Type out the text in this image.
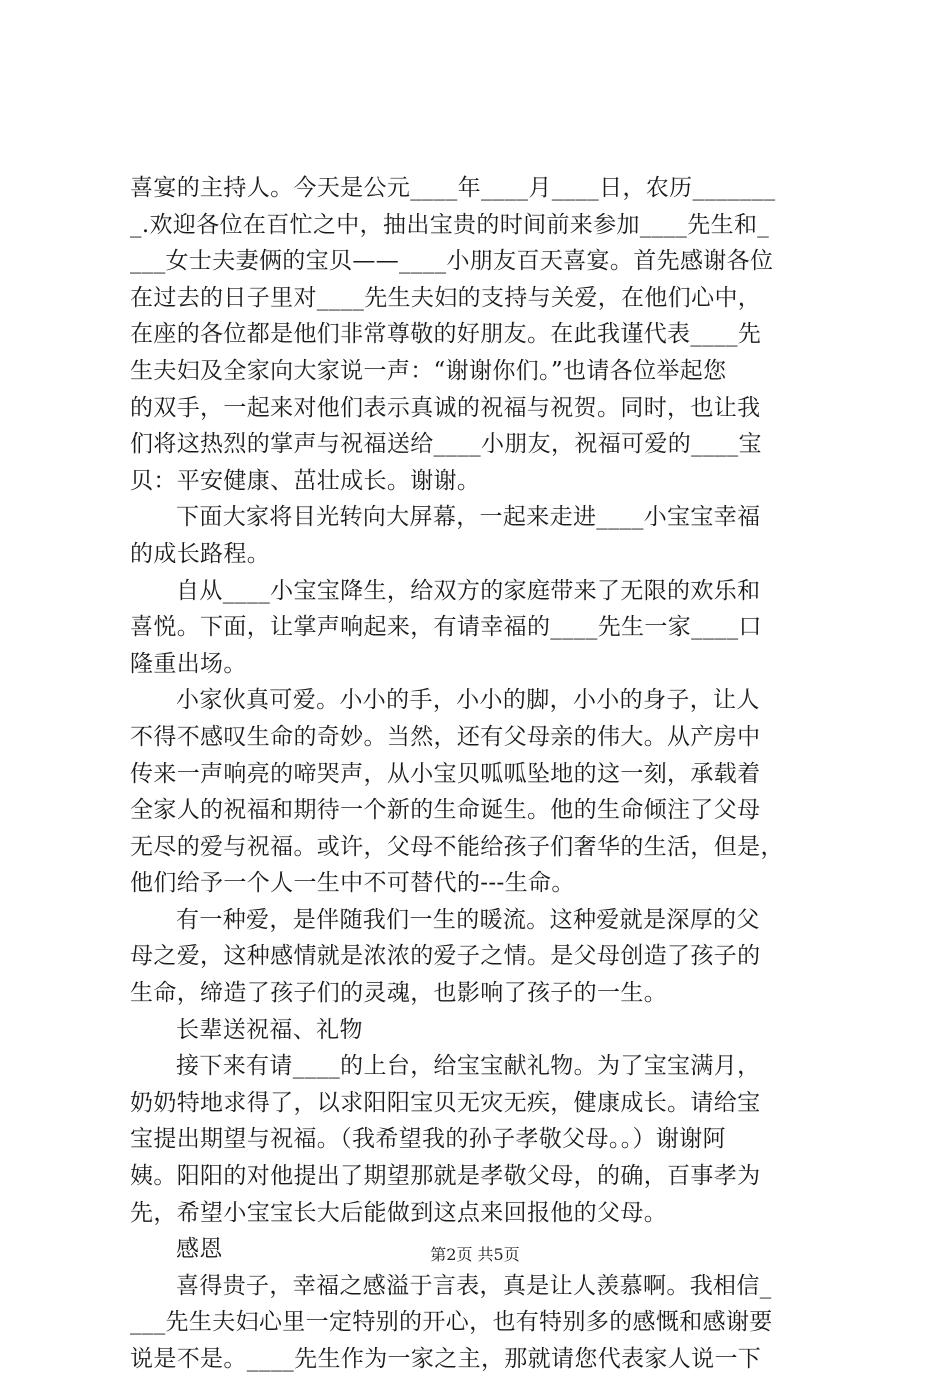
喜宴的主持人。今天是公元____年____月____日，农历_______
_.欢迎各位在百忙之中，抽出宝贵的时间前来参加____先生和_
___女士夫妻俩的宝贝——____小朋友百天喜宴。首先感谢各位
在过去的日子里对____先生夫妇的支持与关爱，在他们心中，
在座的各位都是他们非常尊敬的好朋友。在此我谨代表____先
生夫妇及全家向大家说一声：“谢谢你们。”也请各位举起您
的双手，一起来对他们表示真诚的祝福与祝贺。同时，也让我
们将这热烈的掌声与祝福送给____小朋友，祝福可爱的____宝
贝：平安健康、茁壮成长。谢谢。
下面大家将目光转向大屏幕，一起来走进____小宝宝幸福
的成长路程。
自从____小宝宝降生，给双方的家庭带来了无限的欢乐和
喜悦。下面，让掌声响起来，有请幸福的____先生一家____口
隆重出场。
小家伙真可爱。小小的手，小小的脚，小小的身子，让人
不得不感叹生命的奇妙。当然，还有父母亲的伟大。从产房中
传来一声响亮的啼哭声，从小宝贝呱呱坠地的这一刻，承载着
全家人的祝福和期待一个新的生命诞生。他的生命倾注了父母
无尽的爱与祝福。或许，父母不能给孩子们奢华的生活，但是，
他们给予一个人一生中不可替代的---生命。
有一种爱，是伴随我们一生的暖流。这种爱就是深厚的父
母之爱，这种感情就是浓浓的爱子之情。是父母创造了孩子的
生命，缔造了孩子们的灵魂，也影响了孩子的一生。
长辈送祝福、礼物
接下来有请____的上台，给宝宝献礼物。为了宝宝满月，
奶奶特地求得了，以求阳阳宝贝无灾无疾，健康成长。请给宝
宝提出期望与祝福。（我希望我的孙子孝敬父母。。）谢谢阿
姨。阳阳的对他提出了期望那就是孝敬父母，的确，百事孝为
先，希望小宝宝长大后能做到这点来回报他的父母。
感恩
喜得贵子，幸福之感溢于言表，真是让人羡慕啊。我相信_
___先生夫妇心里一定特别的开心，也有特别多的感慨和感谢要
说是不是。____先生作为一家之主，那就请您代表家人说一下
第2页 共5页
